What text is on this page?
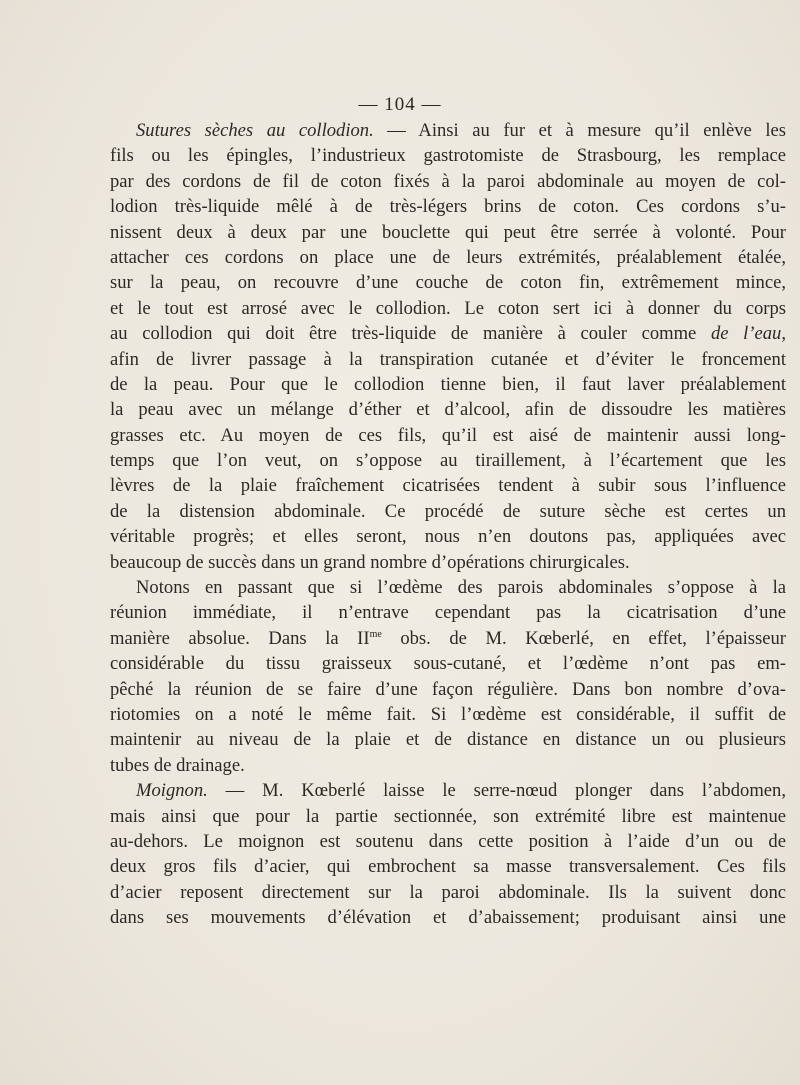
— 104 —
Sutures sèches au collodion. — Ainsi au fur et à mesure qu’il enlève les
fils ou les épingles, l’industrieux gastrotomiste de Strasbourg, les remplace
par des cordons de fil de coton fixés à la paroi abdominale au moyen de col-
lodion très-liquide mêlé à de très-légers brins de coton. Ces cordons s’u-
nissent deux à deux par une bouclette qui peut être serrée à volonté. Pour
attacher ces cordons on place une de leurs extrémités, préalablement étalée,
sur la peau, on recouvre d’une couche de coton fin, extrêmement mince,
et le tout est arrosé avec le collodion. Le coton sert ici à donner du corps
au collodion qui doit être très-liquide de manière à couler comme de l’eau,
afin de livrer passage à la transpiration cutanée et d’éviter le froncement
de la peau. Pour que le collodion tienne bien, il faut laver préalablement
la peau avec un mélange d’éther et d’alcool, afin de dissoudre les matières
grasses etc. Au moyen de ces fils, qu’il est aisé de maintenir aussi long-
temps que l’on veut, on s’oppose au tiraillement, à l’écartement que les
lèvres de la plaie fraîchement cicatrisées tendent à subir sous l’influence
de la distension abdominale. Ce procédé de suture sèche est certes un
véritable progrès; et elles seront, nous n’en doutons pas, appliquées avec
beaucoup de succès dans un grand nombre d’opérations chirurgicales.
Notons en passant que si l’œdème des parois abdominales s’oppose à la
réunion immédiate, il n’entrave cependant pas la cicatrisation d’une
manière absolue. Dans la $II^{me}$ obs. de M. Kœberlé, en effet, l’épaisseur
considérable du tissu graisseux sous-cutané, et l’œdème n’ont pas em-
pêché la réunion de se faire d’une façon régulière. Dans bon nombre d’ova-
riotomies on a noté le même fait. Si l’œdème est considérable, il suffit de
maintenir au niveau de la plaie et de distance en distance un ou plusieurs
tubes de drainage.
Moignon. — M. Kœberlé laisse le serre-nœud plonger dans l’abdomen,
mais ainsi que pour la partie sectionnée, son extrémité libre est maintenue
au-dehors. Le moignon est soutenu dans cette position à l’aide d’un ou de
deux gros fils d’acier, qui embrochent sa masse transversalement. Ces fils
d’acier reposent directement sur la paroi abdominale. Ils la suivent donc
dans ses mouvements d’élévation et d’abaissement; produisant ainsi une
